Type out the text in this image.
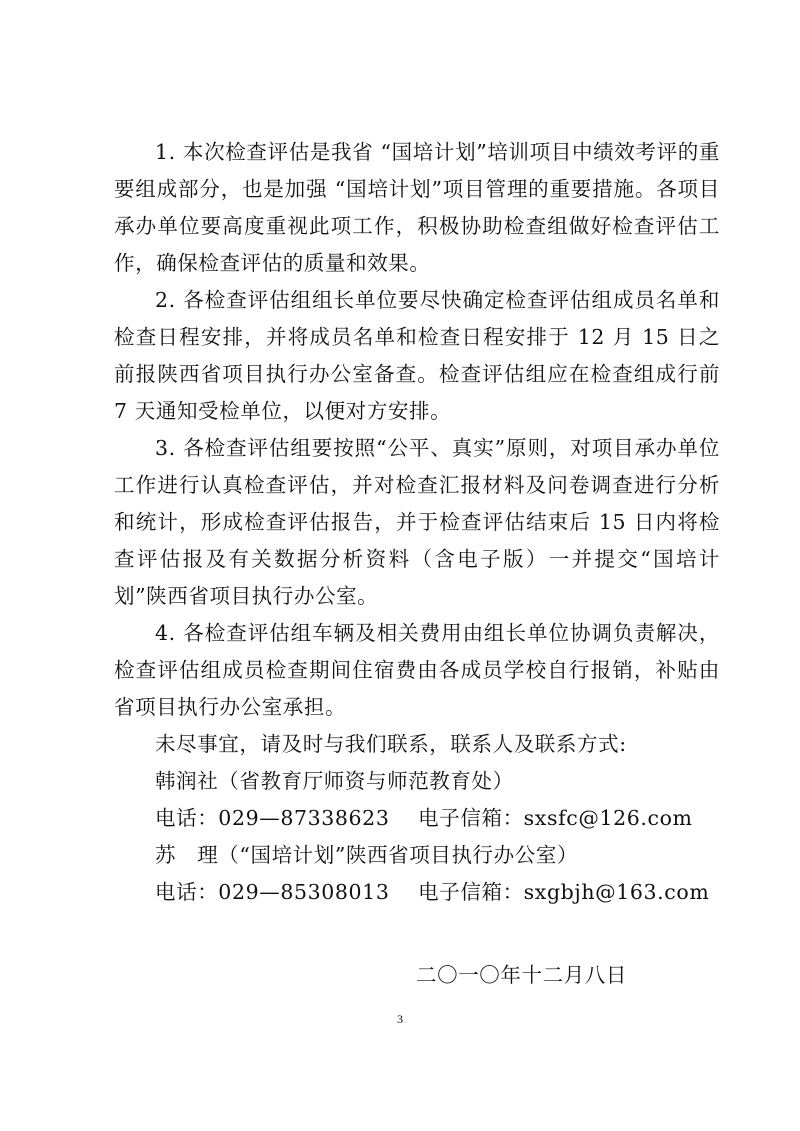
1. 本次检查评估是我省 “国培计划”培训项目中绩效考评的重要组成部分，也是加强 “国培计划”项目管理的重要措施。各项目承办单位要高度重视此项工作，积极协助检查组做好检查评估工作，确保检查评估的质量和效果。

2. 各检查评估组组长单位要尽快确定检查评估组成员名单和检查日程安排，并将成员名单和检查日程安排于 12 月 15 日之前报陕西省项目执行办公室备查。检查评估组应在检查组成行前 7 天通知受检单位，以便对方安排。

3. 各检查评估组要按照“公平、真实”原则，对项目承办单位工作进行认真检查评估，并对检查汇报材料及问卷调查进行分析和统计，形成检查评估报告，并于检查评估结束后 15 日内将检查评估报及有关数据分析资料（含电子版）一并提交“国培计划”陕西省项目执行办公室。

4. 各检查评估组车辆及相关费用由组长单位协调负责解决，检查评估组成员检查期间住宿费由各成员学校自行报销，补贴由省项目执行办公室承担。

未尽事宜，请及时与我们联系，联系人及联系方式:

韩润社（省教育厅师资与师范教育处）

电话：029—87338623 电子信箱：sxsfc@126.com

苏　理（“国培计划”陕西省项目执行办公室）

电话：029—85308013 电子信箱：sxgbjh@163.com

二〇一〇年十二月八日
3
